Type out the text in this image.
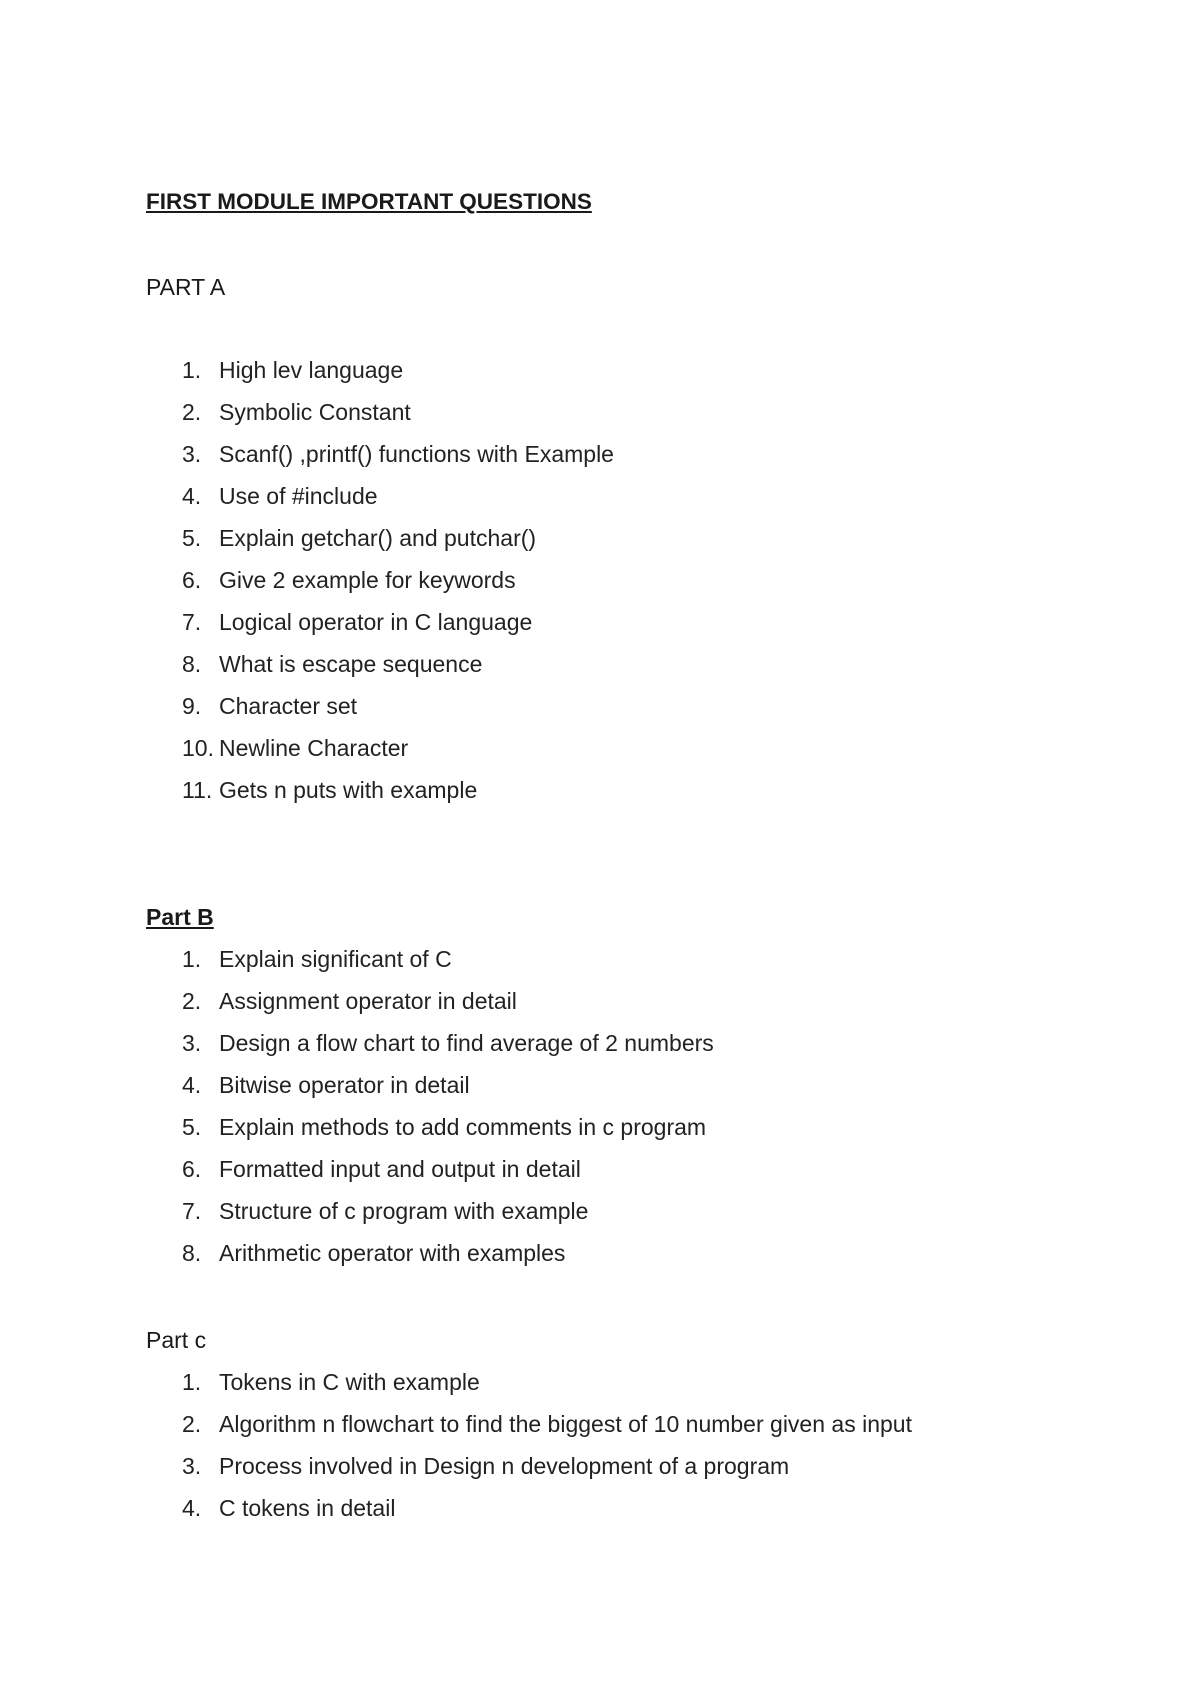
FIRST MODULE IMPORTANT QUESTIONS
PART A
1. High lev language
2. Symbolic Constant
3. Scanf() ,printf() functions with Example
4. Use of #include
5. Explain getchar() and putchar()
6. Give 2 example for keywords
7. Logical operator in C language
8. What is escape sequence
9. Character set
10. Newline Character
11. Gets n puts with example
Part B
1. Explain significant of C
2. Assignment operator in detail
3. Design a flow chart to find average of 2 numbers
4. Bitwise operator in detail
5. Explain methods to add comments in c program
6. Formatted input and output in detail
7. Structure of c program with example
8. Arithmetic operator with examples
Part c
1. Tokens in C with example
2. Algorithm n flowchart to find the biggest of 10 number given as input
3. Process involved in Design n development of a program
4. C tokens in detail
